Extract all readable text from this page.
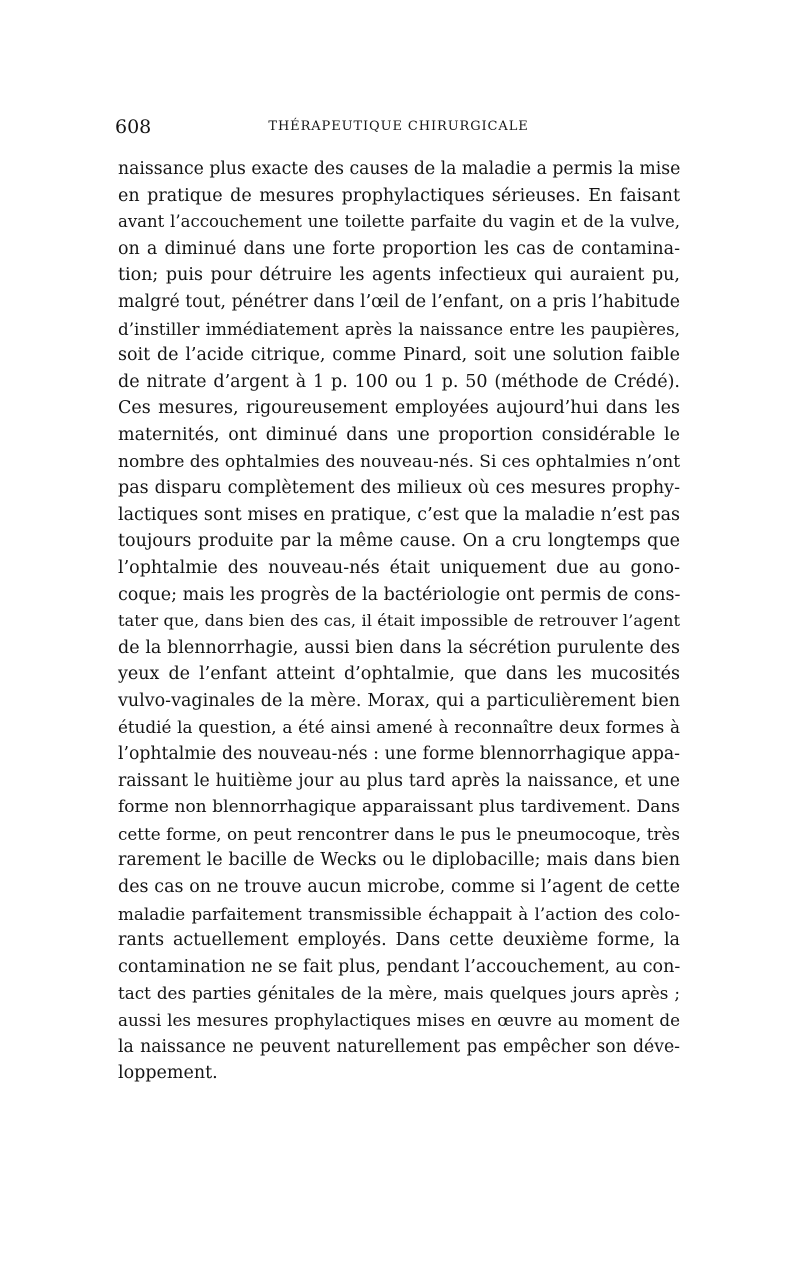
608	THÉRAPEUTIQUE CHIRURGICALE
naissance plus exacte des causes de la maladie a permis la mise
en pratique de mesures prophylactiques sérieuses. En faisant
avant l’accouchement une toilette parfaite du vagin et de la vulve,
on a diminué dans une forte proportion les cas de contamina-
tion; puis pour détruire les agents infectieux qui auraient pu,
malgré tout, pénétrer dans l’œil de l’enfant, on a pris l’habitude
d’instiller immédiatement après la naissance entre les paupières,
soit de l’acide citrique, comme Pinard, soit une solution faible
de nitrate d’argent à 1 p. 100 ou 1 p. 50 (méthode de Crédé).
Ces mesures, rigoureusement employées aujourd’hui dans les
maternités, ont diminué dans une proportion considérable le
nombre des ophtalmies des nouveau-nés. Si ces ophtalmies n’ont
pas disparu complètement des milieux où ces mesures prophy-
lactiques sont mises en pratique, c’est que la maladie n’est pas
toujours produite par la même cause. On a cru longtemps que
l’ophtalmie des nouveau-nés était uniquement due au gono-
coque; mais les progrès de la bactériologie ont permis de cons-
tater que, dans bien des cas, il était impossible de retrouver l’agent
de la blennorrhagie, aussi bien dans la sécrétion purulente des
yeux de l’enfant atteint d’ophtalmie, que dans les mucosités
vulvo-vaginales de la mère. Morax, qui a particulièrement bien
étudié la question, a été ainsi amené à reconnaître deux formes à
l’ophtalmie des nouveau-nés : une forme blennorrhagique appa-
raissant le huitième jour au plus tard après la naissance, et une
forme non blennorrhagique apparaissant plus tardivement. Dans
cette forme, on peut rencontrer dans le pus le pneumocoque, très
rarement le bacille de Wecks ou le diplobacille; mais dans bien
des cas on ne trouve aucun microbe, comme si l’agent de cette
maladie parfaitement transmissible échappait à l’action des colo-
rants actuellement employés. Dans cette deuxième forme, la
contamination ne se fait plus, pendant l’accouchement, au con-
tact des parties génitales de la mère, mais quelques jours après ;
aussi les mesures prophylactiques mises en œuvre au moment de
la naissance ne peuvent naturellement pas empêcher son déve-
loppement.
